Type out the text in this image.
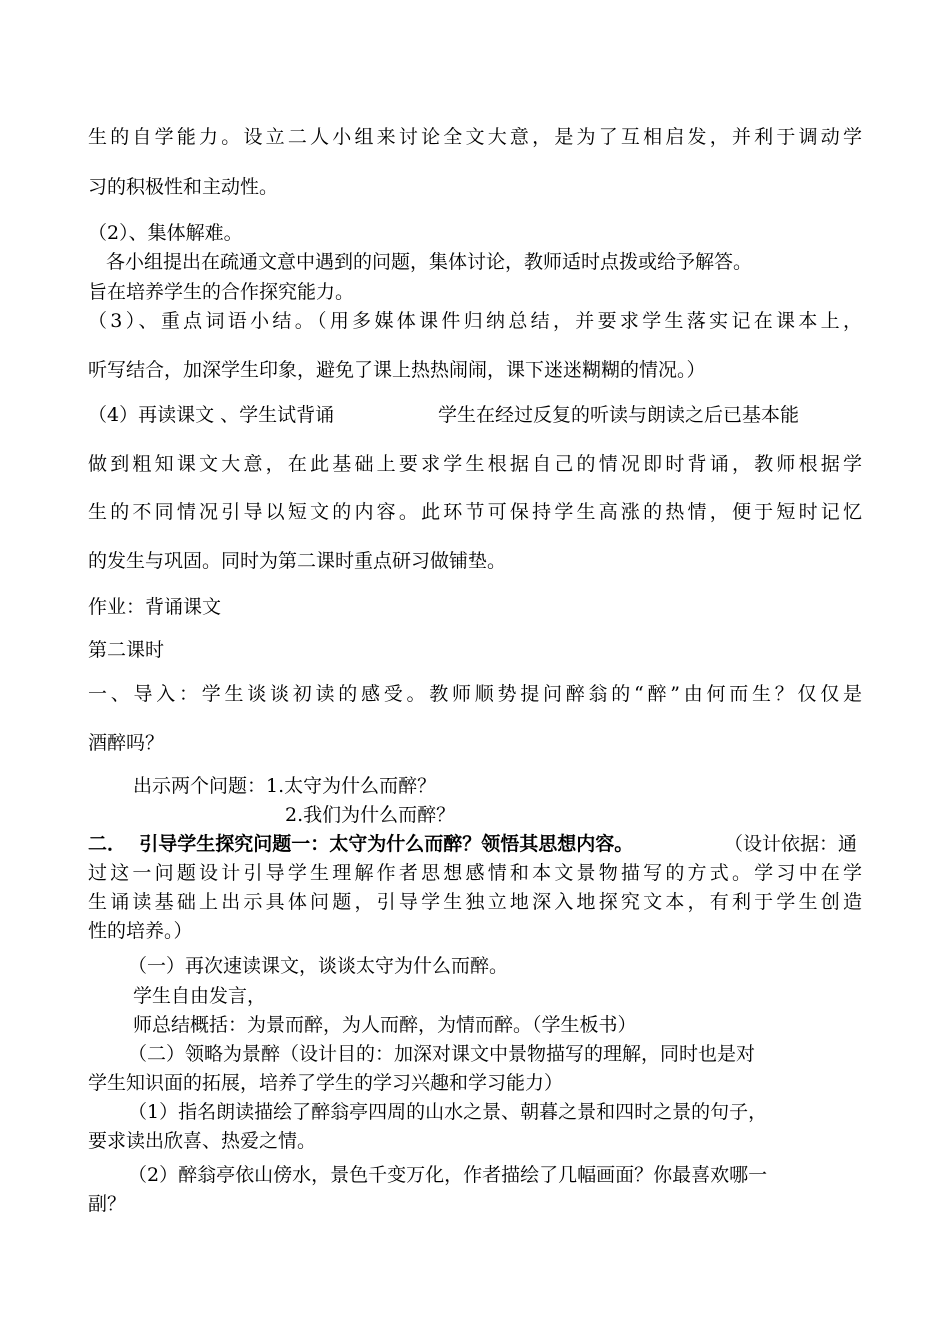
生的自学能力。设立二人小组来讨论全文大意，是为了互相启发，并利于调动学
习的积极性和主动性。
（2）、集体解难。
各小组提出在疏通文意中遇到的问题，集体讨论，教师适时点拨或给予解答。
旨在培养学生的合作探究能力。
（3）、重点词语小结。（用多媒体课件归纳总结，并要求学生落实记在课本上，
听写结合，加深学生印象，避免了课上热热闹闹，课下迷迷糊糊的情况。）
（4）再读课文 、学生试背诵	学生在经过反复的听读与朗读之后已基本能
做到粗知课文大意，在此基础上要求学生根据自己的情况即时背诵，教师根据学
生的不同情况引导以短文的内容。此环节可保持学生高涨的热情，便于短时记忆
的发生与巩固。同时为第二课时重点研习做铺垫。
作业：背诵课文
第二课时
一、导入：学生谈谈初读的感受。教师顺势提问醉翁的“醉”由何而生？仅仅是
酒醉吗？
出示两个问题：1.太守为什么而醉？
2.我们为什么而醉？
二．  引导学生探究问题一：太守为什么而醉？领悟其思想内容。	（设计依据：通
过这一问题设计引导学生理解作者思想感情和本文景物描写的方式。学习中在学
生诵读基础上出示具体问题，引导学生独立地深入地探究文本，有利于学生创造
性的培养。）
（一）再次速读课文，谈谈太守为什么而醉。
学生自由发言，
师总结概括：为景而醉，为人而醉，为情而醉。（学生板书）
（二）领略为景醉（设计目的：加深对课文中景物描写的理解，同时也是对
学生知识面的拓展，培养了学生的学习兴趣和学习能力）
（1）指名朗读描绘了醉翁亭四周的山水之景、朝暮之景和四时之景的句子，
要求读出欣喜、热爱之情。
（2）醉翁亭依山傍水，景色千变万化，作者描绘了几幅画面？你最喜欢哪一
副？
